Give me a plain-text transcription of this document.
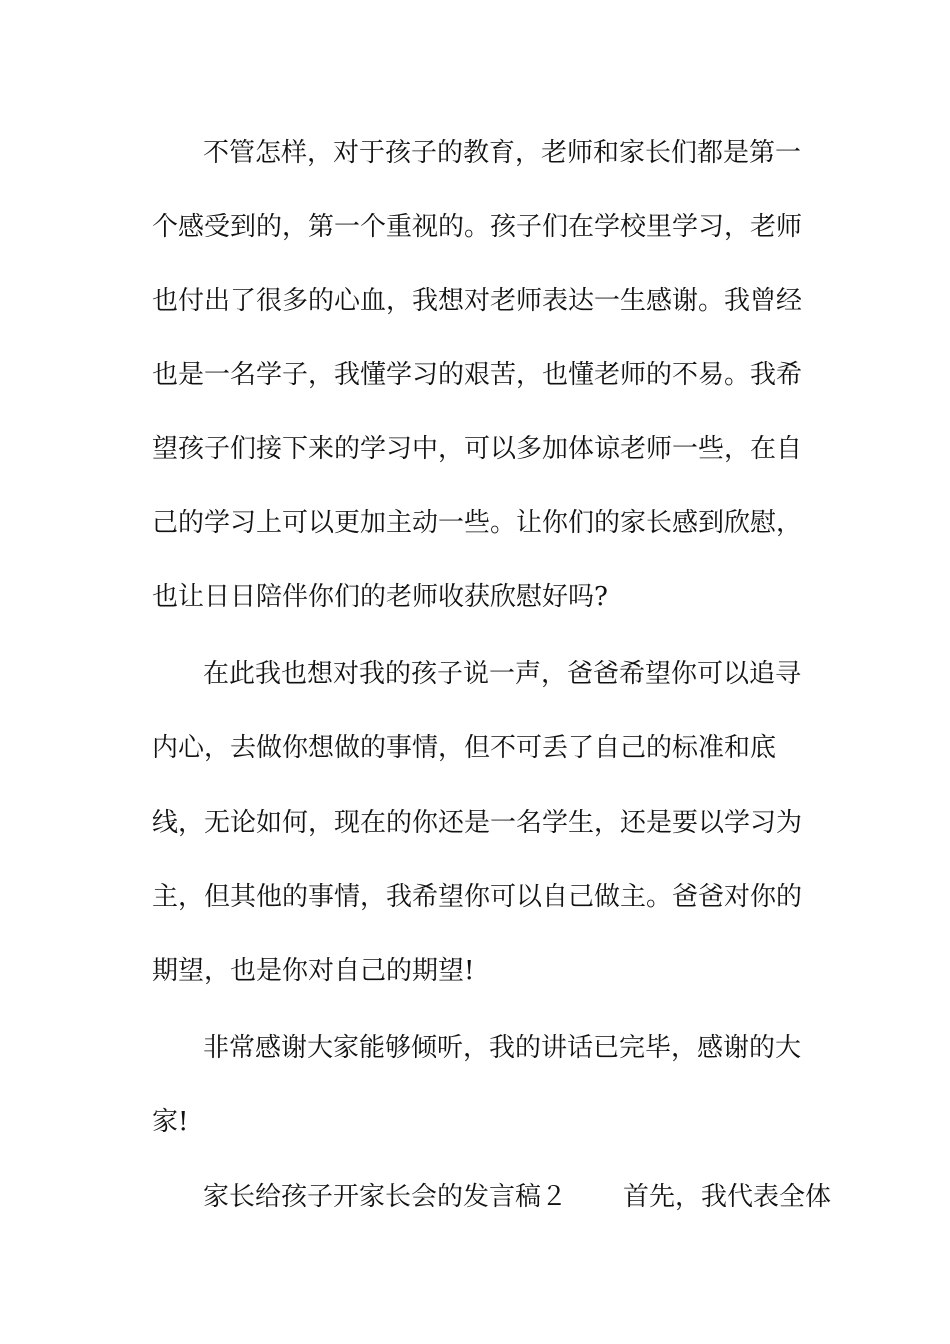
不管怎样，对于孩子的教育，老师和家长们都是第一
个感受到的，第一个重视的。孩子们在学校里学习，老师
也付出了很多的心血，我想对老师表达一生感谢。我曾经
也是一名学子，我懂学习的艰苦，也懂老师的不易。我希
望孩子们接下来的学习中，可以多加体谅老师一些，在自
己的学习上可以更加主动一些。让你们的家长感到欣慰，
也让日日陪伴你们的老师收获欣慰好吗?
在此我也想对我的孩子说一声，爸爸希望你可以追寻
内心，去做你想做的事情，但不可丢了自己的标准和底
线，无论如何，现在的你还是一名学生，还是要以学习为
主，但其他的事情，我希望你可以自己做主。爸爸对你的
期望，也是你对自己的期望!
非常感谢大家能够倾听，我的讲话已完毕，感谢的大
家!
家长给孩子开家长会的发言稿２ 首先，我代表全体
